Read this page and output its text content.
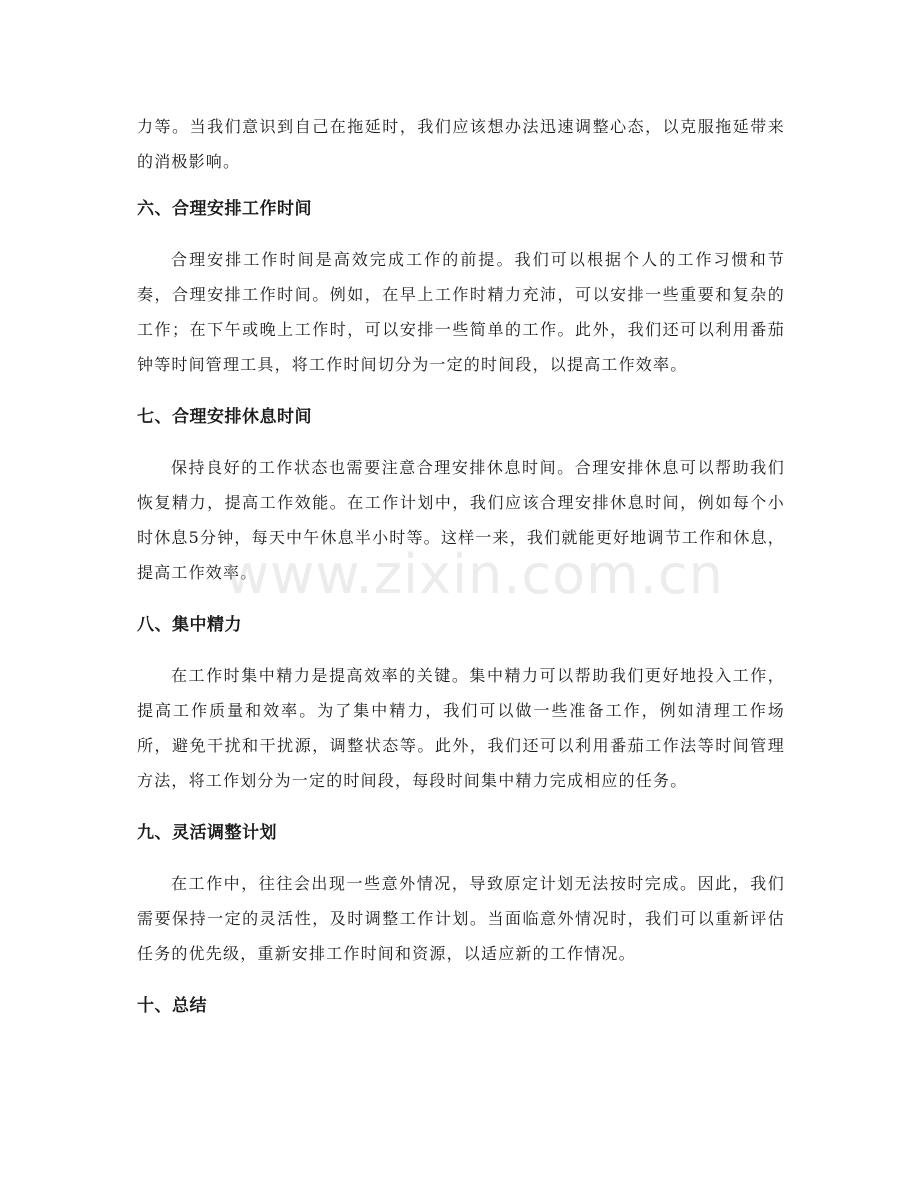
力等。当我们意识到自己在拖延时，我们应该想办法迅速调整心态，以克服拖延带来的消极影响。

六、合理安排工作时间

合理安排工作时间是高效完成工作的前提。我们可以根据个人的工作习惯和节奏，合理安排工作时间。例如，在早上工作时精力充沛，可以安排一些重要和复杂的工作；在下午或晚上工作时，可以安排一些简单的工作。此外，我们还可以利用番茄钟等时间管理工具，将工作时间切分为一定的时间段，以提高工作效率。

七、合理安排休息时间

保持良好的工作状态也需要注意合理安排休息时间。合理安排休息可以帮助我们恢复精力，提高工作效能。在工作计划中，我们应该合理安排休息时间，例如每个小时休息5分钟，每天中午休息半小时等。这样一来，我们就能更好地调节工作和休息，提高工作效率。

八、集中精力

在工作时集中精力是提高效率的关键。集中精力可以帮助我们更好地投入工作，提高工作质量和效率。为了集中精力，我们可以做一些准备工作，例如清理工作场所，避免干扰和干扰源，调整状态等。此外，我们还可以利用番茄工作法等时间管理方法，将工作划分为一定的时间段，每段时间集中精力完成相应的任务。

九、灵活调整计划

在工作中，往往会出现一些意外情况，导致原定计划无法按时完成。因此，我们需要保持一定的灵活性，及时调整工作计划。当面临意外情况时，我们可以重新评估任务的优先级，重新安排工作时间和资源，以适应新的工作情况。

十、总结
www.zixin.com.cn
